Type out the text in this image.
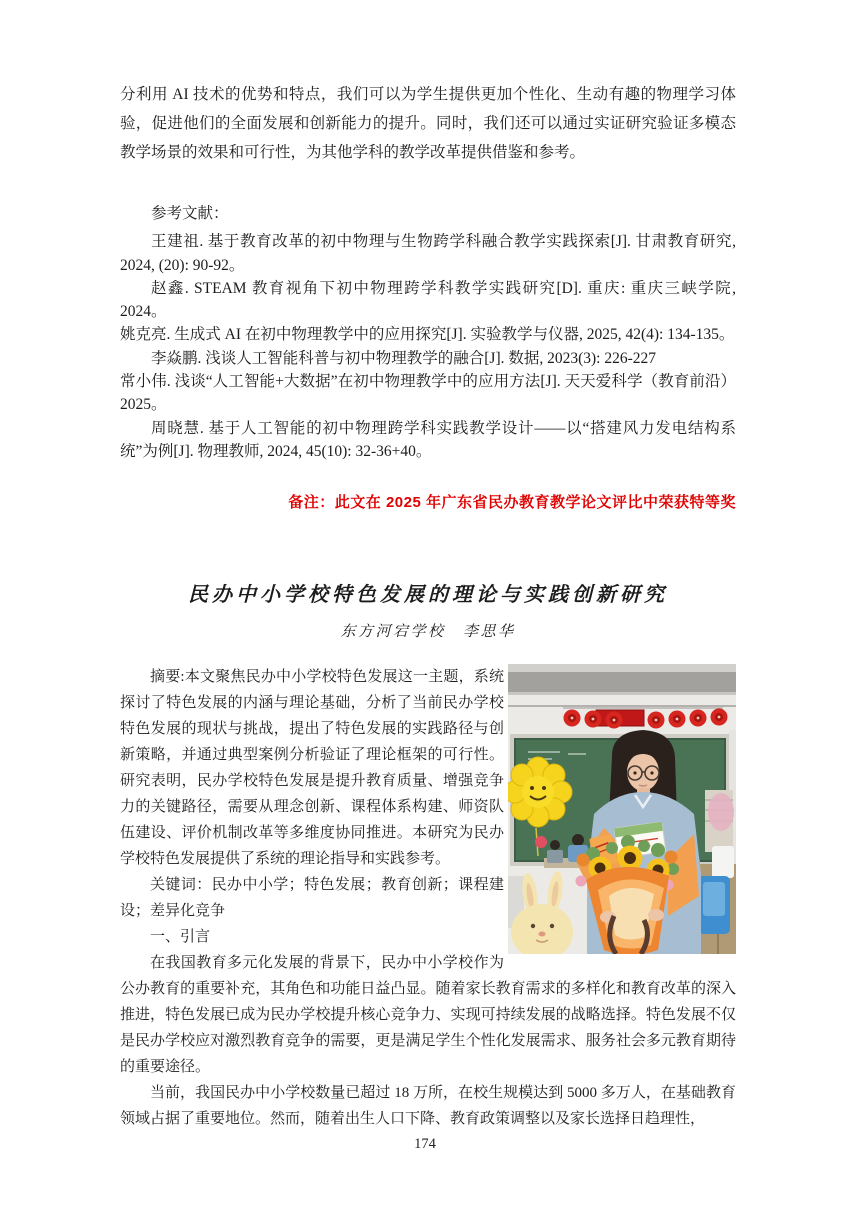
分利用 AI 技术的优势和特点，我们可以为学生提供更加个性化、生动有趣的物理学习体验，促进他们的全面发展和创新能力的提升。同时，我们还可以通过实证研究验证多模态教学场景的效果和可行性，为其他学科的教学改革提供借鉴和参考。

参考文献：

王建祖. 基于教育改革的初中物理与生物跨学科融合教学实践探索[J]. 甘肃教育研究, 2024, (20): 90-92。

赵鑫. STEAM 教育视角下初中物理跨学科教学实践研究[D]. 重庆: 重庆三峡学院, 2024。

姚克亮. 生成式 AI 在初中物理教学中的应用探究[J]. 实验教学与仪器, 2025, 42(4): 134-135。

李焱鹏. 浅谈人工智能科普与初中物理教学的融合[J]. 数据, 2023(3): 226-227

常小伟. 浅谈“人工智能+大数据”在初中物理教学中的应用方法[J]. 天天爱科学（教育前沿）2025。

周晓慧. 基于人工智能的初中物理跨学科实践教学设计——以“搭建风力发电结构系统”为例[J]. 物理教师, 2024, 45(10): 32-36+40。

备注：此文在 2025 年广东省民办教育教学论文评比中荣获特等奖

民办中小学校特色发展的理论与实践创新研究

东方河宕学校　李思华

摘要:本文聚焦民办中小学校特色发展这一主题，系统探讨了特色发展的内涵与理论基础，分析了当前民办学校特色发展的现状与挑战，提出了特色发展的实践路径与创新策略，并通过典型案例分析验证了理论框架的可行性。研究表明，民办学校特色发展是提升教育质量、增强竞争力的关键路径，需要从理念创新、课程体系构建、师资队伍建设、评价机制改革等多维度协同推进。本研究为民办学校特色发展提供了系统的理论指导和实践参考。

关键词：民办中小学；特色发展；教育创新；课程建设；差异化竞争

一、引言

在我国教育多元化发展的背景下，民办中小学校作为公办教育的重要补充，其角色和功能日益凸显。随着家长教育需求的多样化和教育改革的深入推进，特色发展已成为民办学校提升核心竞争力、实现可持续发展的战略选择。特色发展不仅是民办学校应对激烈教育竞争的需要，更是满足学生个性化发展需求、服务社会多元教育期待的重要途径。

当前，我国民办中小学校数量已超过 18 万所，在校生规模达到 5000 多万人，在基础教育领域占据了重要地位。然而，随着出生人口下降、教育政策调整以及家长选择日趋理性，

174
